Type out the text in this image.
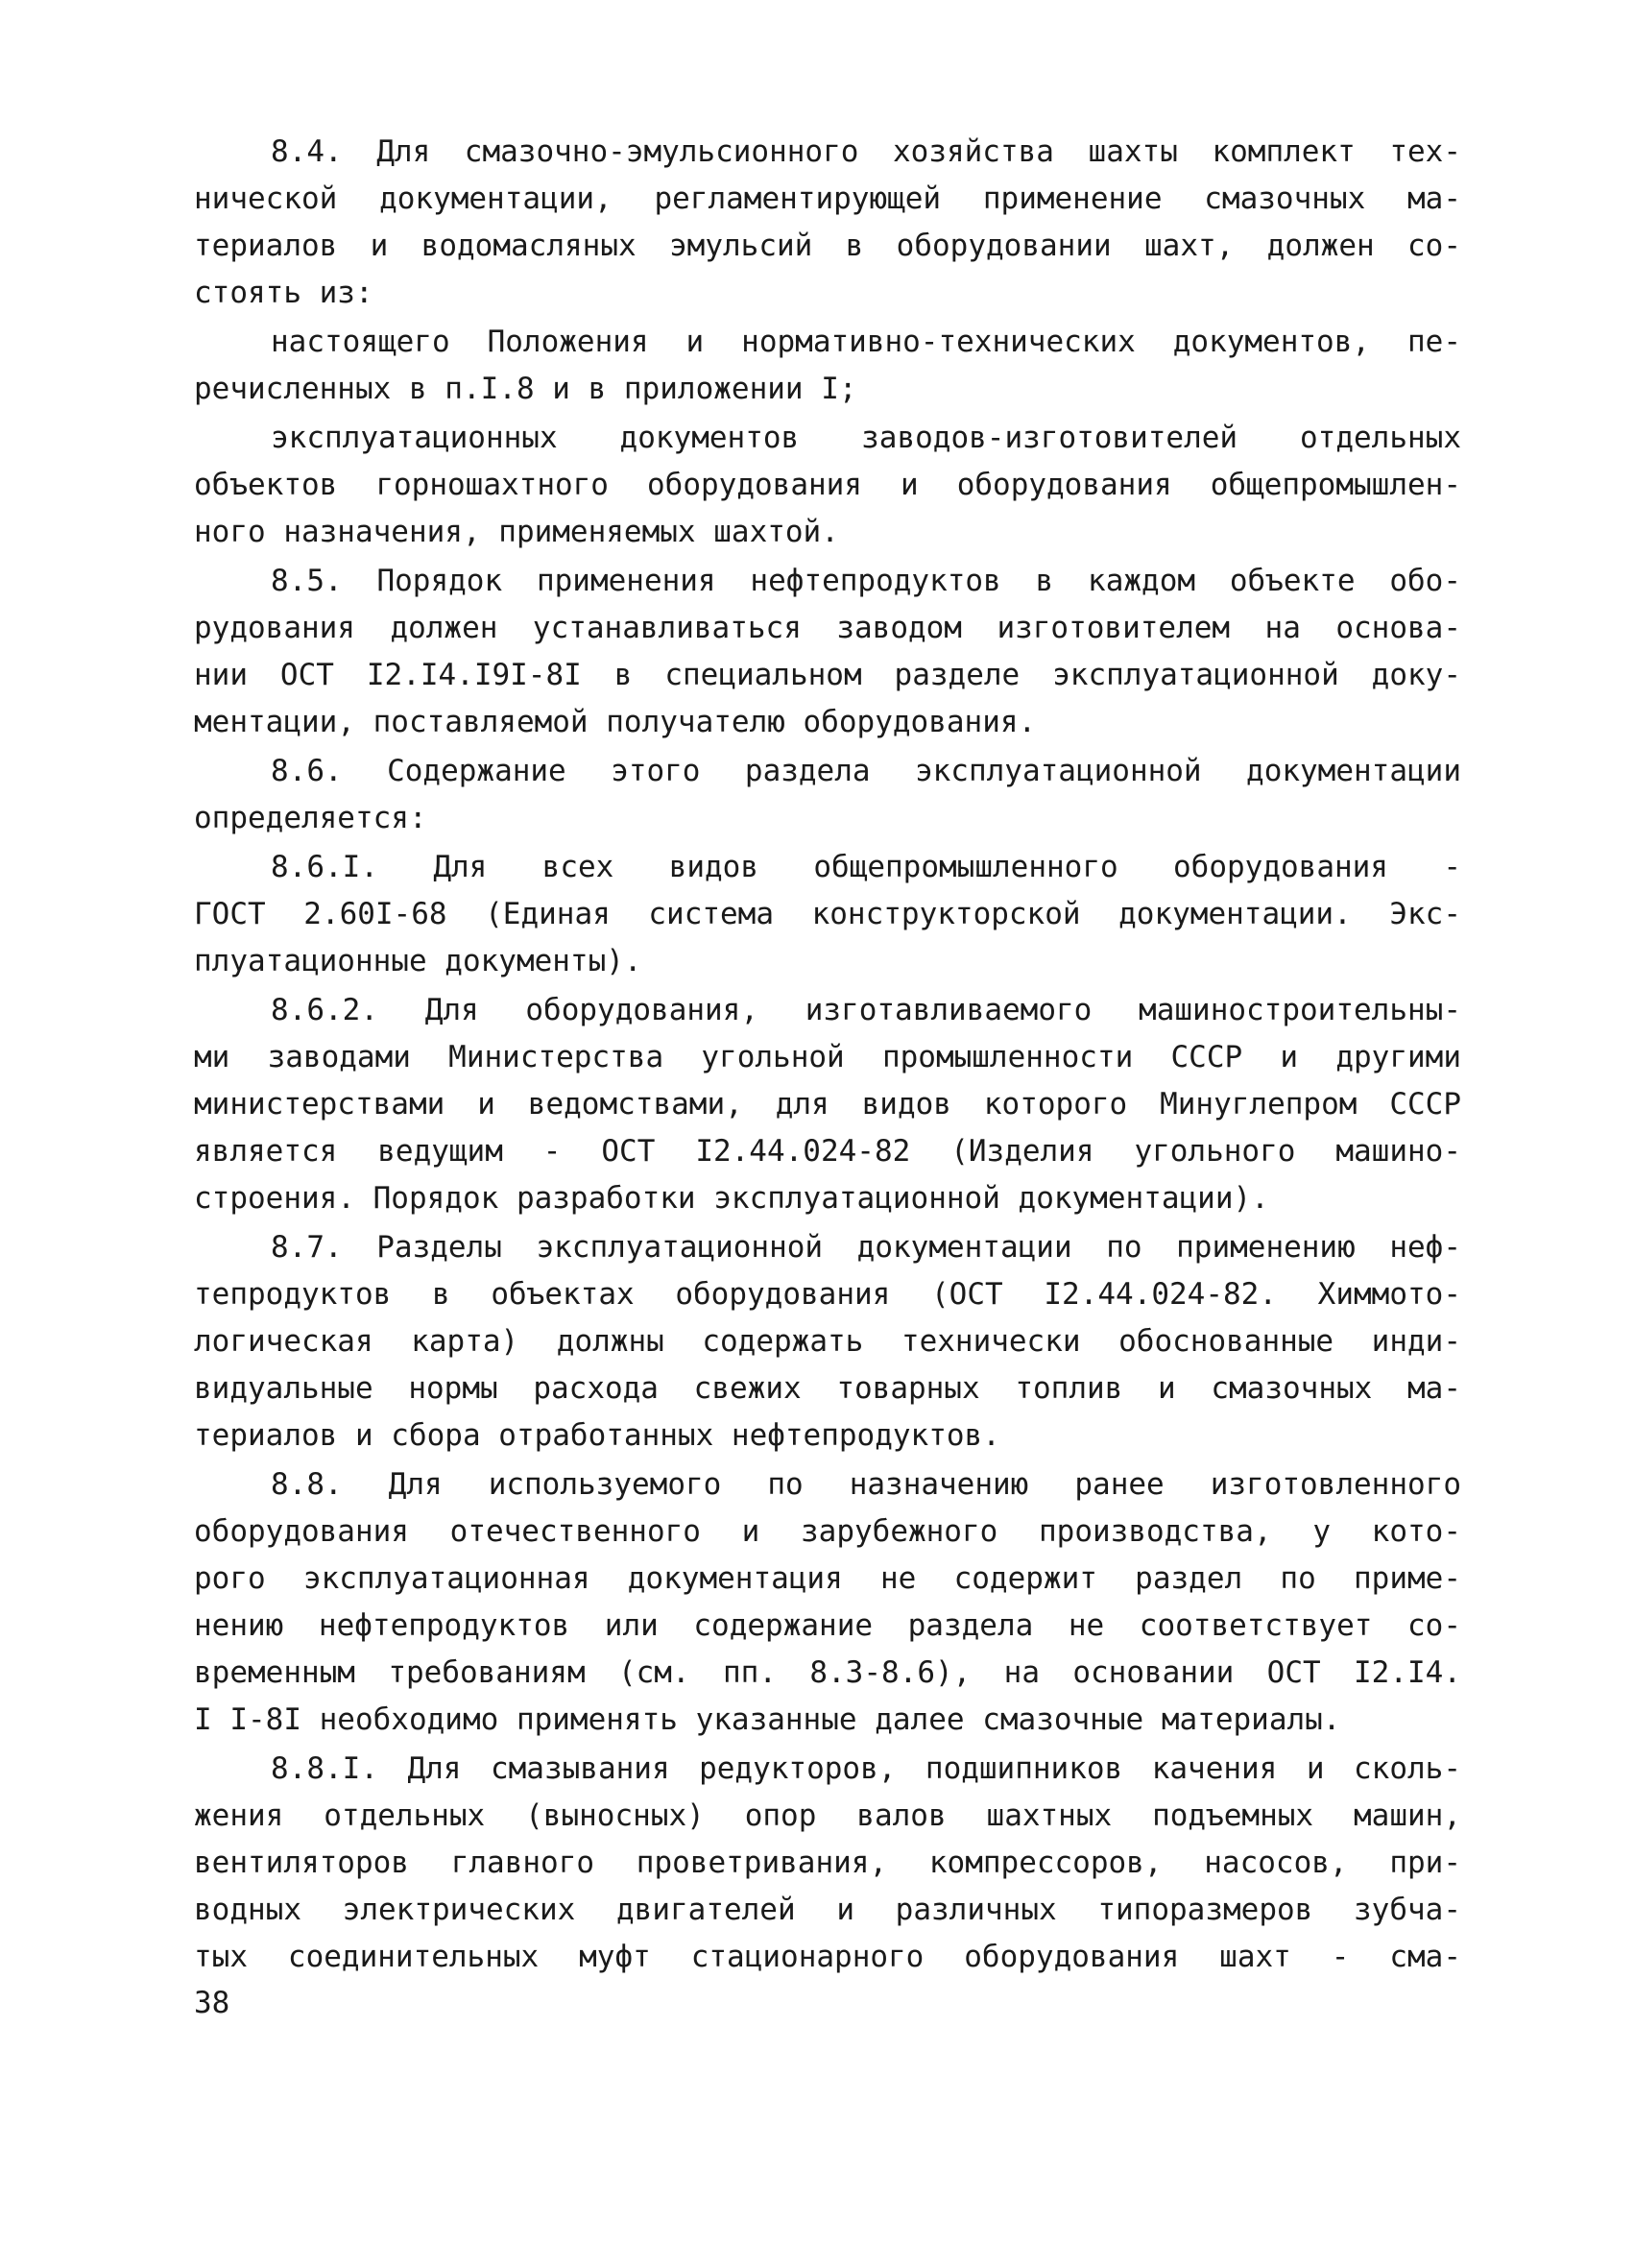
8.4. Для смазочно-эмульсионного хозяйства шахты комплект тех-
нической документации, регламентирующей применение смазочных ма-
териалов и водомасляных эмульсий в оборудовании шахт, должен со-
стоять из:
настоящего Положения и нормативно-технических документов, пе-
речисленных в п.I.8 и в приложении I;
эксплуатационных документов заводов-изготовителей отдельных
объектов горношахтного оборудования и оборудования общепромышлен-
ного назначения, применяемых шахтой.
8.5. Порядок применения нефтепродуктов в каждом объекте обо-
рудования должен устанавливаться заводом изготовителем на основа-
нии ОСТ I2.I4.I9I-8I в специальном разделе эксплуатационной доку-
ментации, поставляемой получателю оборудования.
8.6. Содержание этого раздела эксплуатационной документации
определяется:
8.6.I. Для всех видов общепромышленного оборудования -
ГОСТ 2.60I-68 (Единая система конструкторской документации. Экс-
плуатационные документы).
8.6.2. Для оборудования, изготавливаемого машиностроительны-
ми заводами Министерства угольной промышленности СССР и другими
министерствами и ведомствами, для видов которого Минуглепром СССР
является ведущим - ОСТ I2.44.024-82 (Изделия угольного машино-
строения. Порядок разработки эксплуатационной документации).
8.7. Разделы эксплуатационной документации по применению неф-
тепродуктов в объектах оборудования (ОСТ I2.44.024-82. Химмото-
логическая карта) должны содержать технически обоснованные инди-
видуальные нормы расхода свежих товарных топлив и смазочных ма-
териалов и сбора отработанных нефтепродуктов.
8.8. Для используемого по назначению ранее изготовленного
оборудования отечественного и зарубежного производства, у кото-
рого эксплуатационная документация не содержит раздел по приме-
нению нефтепродуктов или содержание раздела не соответствует со-
временным требованиям (см. пп. 8.3-8.6), на основании ОСТ I2.I4.
I I-8I необходимо применять указанные далее смазочные материалы.
8.8.I. Для смазывания редукторов, подшипников качения и сколь-
жения отдельных (выносных) опор валов шахтных подъемных машин,
вентиляторов главного проветривания, компрессоров, насосов, при-
водных электрических двигателей и различных типоразмеров зубча-
тых соединительных муфт стационарного оборудования шахт - сма-
38
